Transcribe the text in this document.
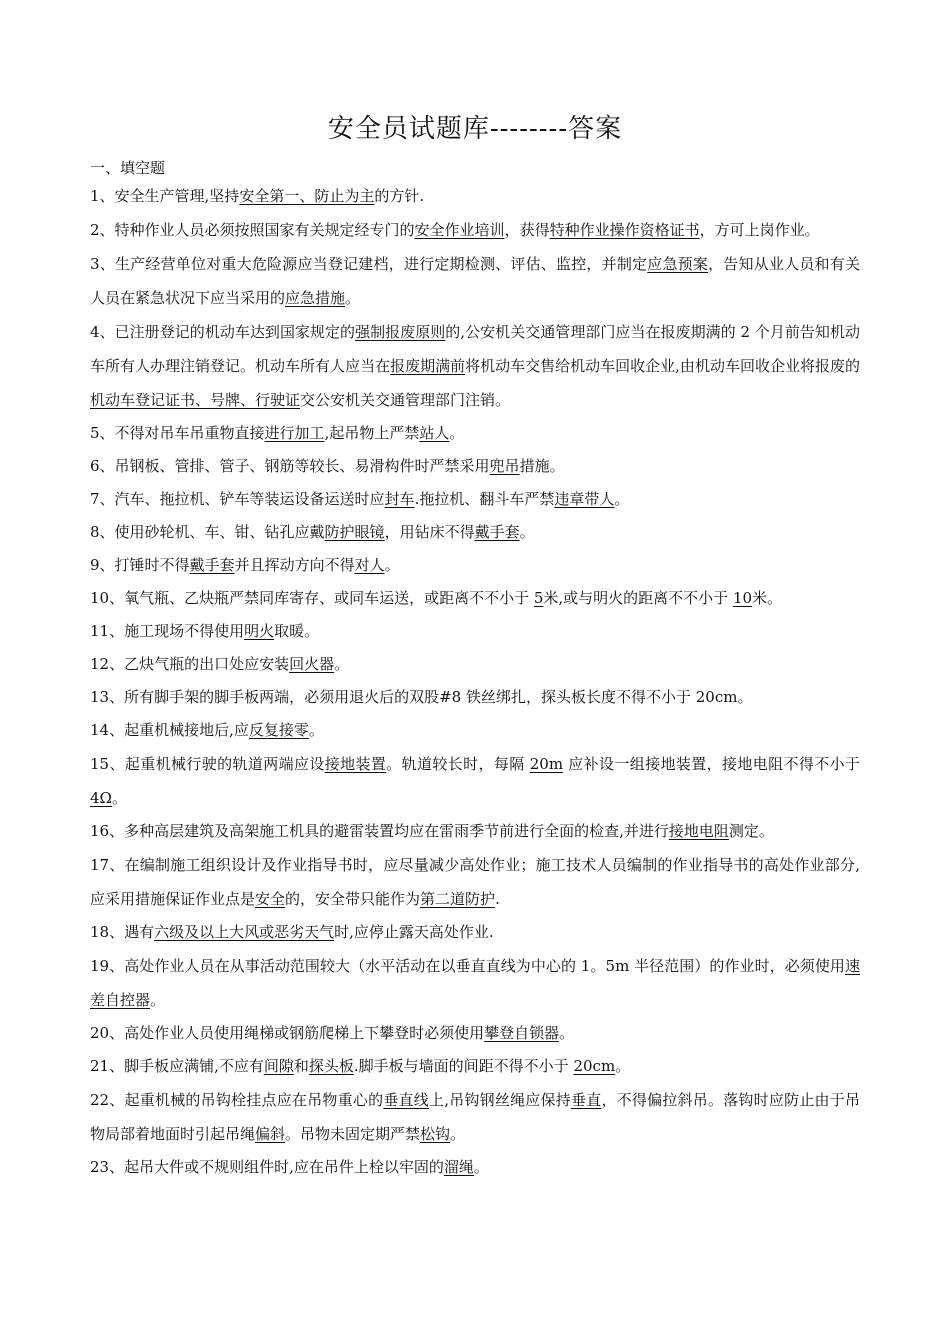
安全员试题库--------答案
一、填空题
1、安全生产管理,坚持安全第一、防止为主的方针.
2、特种作业人员必须按照国家有关规定经专门的安全作业培训，获得特种作业操作资格证书，方可上岗作业。
3、生产经营单位对重大危险源应当登记建档，进行定期检测、评估、监控，并制定应急预案，告知从业人员和有关人员在紧急状况下应当采用的应急措施。
4、已注册登记的机动车达到国家规定的强制报废原则的,公安机关交通管理部门应当在报废期满的 2 个月前告知机动车所有人办理注销登记。机动车所有人应当在报废期满前将机动车交售给机动车回收企业,由机动车回收企业将报废的机动车登记证书、号牌、行驶证交公安机关交通管理部门注销。
5、不得对吊车吊重物直接进行加工,起吊物上严禁站人。
6、吊钢板、管排、管子、钢筋等较长、易滑构件时严禁采用兜吊措施。
7、汽车、拖拉机、铲车等装运设备运送时应封车.拖拉机、翻斗车严禁违章带人。
8、使用砂轮机、车、钳、钻孔应戴防护眼镜，用钻床不得戴手套。
9、打锤时不得戴手套并且挥动方向不得对人。
10、氧气瓶、乙炔瓶严禁同库寄存、或同车运送，或距离不不小于 5米,或与明火的距离不不小于 10米。
11、施工现场不得使用明火取暖。
12、乙炔气瓶的出口处应安装回火器。
13、所有脚手架的脚手板两端，必须用退火后的双股#8 铁丝绑扎，探头板长度不得不小于 20cm。
14、起重机械接地后,应反复接零。
15、起重机械行驶的轨道两端应设接地装置。轨道较长时，每隔 20m 应补设一组接地装置，接地电阻不得不小于 4Ω。
16、多种高层建筑及高架施工机具的避雷装置均应在雷雨季节前进行全面的检查,并进行接地电阻测定。
17、在编制施工组织设计及作业指导书时，应尽量减少高处作业；施工技术人员编制的作业指导书的高处作业部分,应采用措施保证作业点是安全的，安全带只能作为第二道防护.
18、遇有六级及以上大风或恶劣天气时,应停止露天高处作业.
19、高处作业人员在从事活动范围较大（水平活动在以垂直直线为中心的 1。5m 半径范围）的作业时，必须使用速差自控器。
20、高处作业人员使用绳梯或钢筋爬梯上下攀登时必须使用攀登自锁器。
21、脚手板应满铺,不应有间隙和探头板.脚手板与墙面的间距不得不小于 20cm。
22、起重机械的吊钩栓挂点应在吊物重心的垂直线上,吊钩钢丝绳应保持垂直，不得偏拉斜吊。落钩时应防止由于吊物局部着地面时引起吊绳偏斜。吊物未固定期严禁松钩。
23、起吊大件或不规则组件时,应在吊件上栓以牢固的溜绳。
